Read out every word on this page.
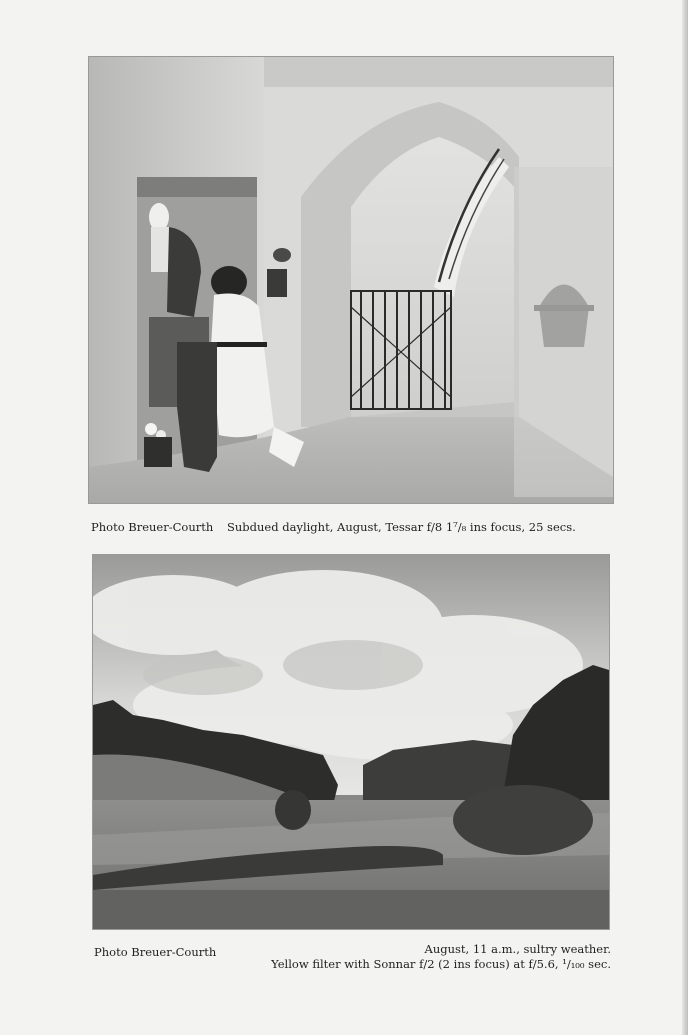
Photo Breuer-Courth Subdued daylight, August, Tessar f/8 1⁷/₈ ins focus, 25 secs.
Photo Breuer-Courth	August, 11 a.m., sultry weather.
Yellow filter with Sonnar f/2 (2 ins focus) at f/5.6, ¹/₁₀₀ sec.
